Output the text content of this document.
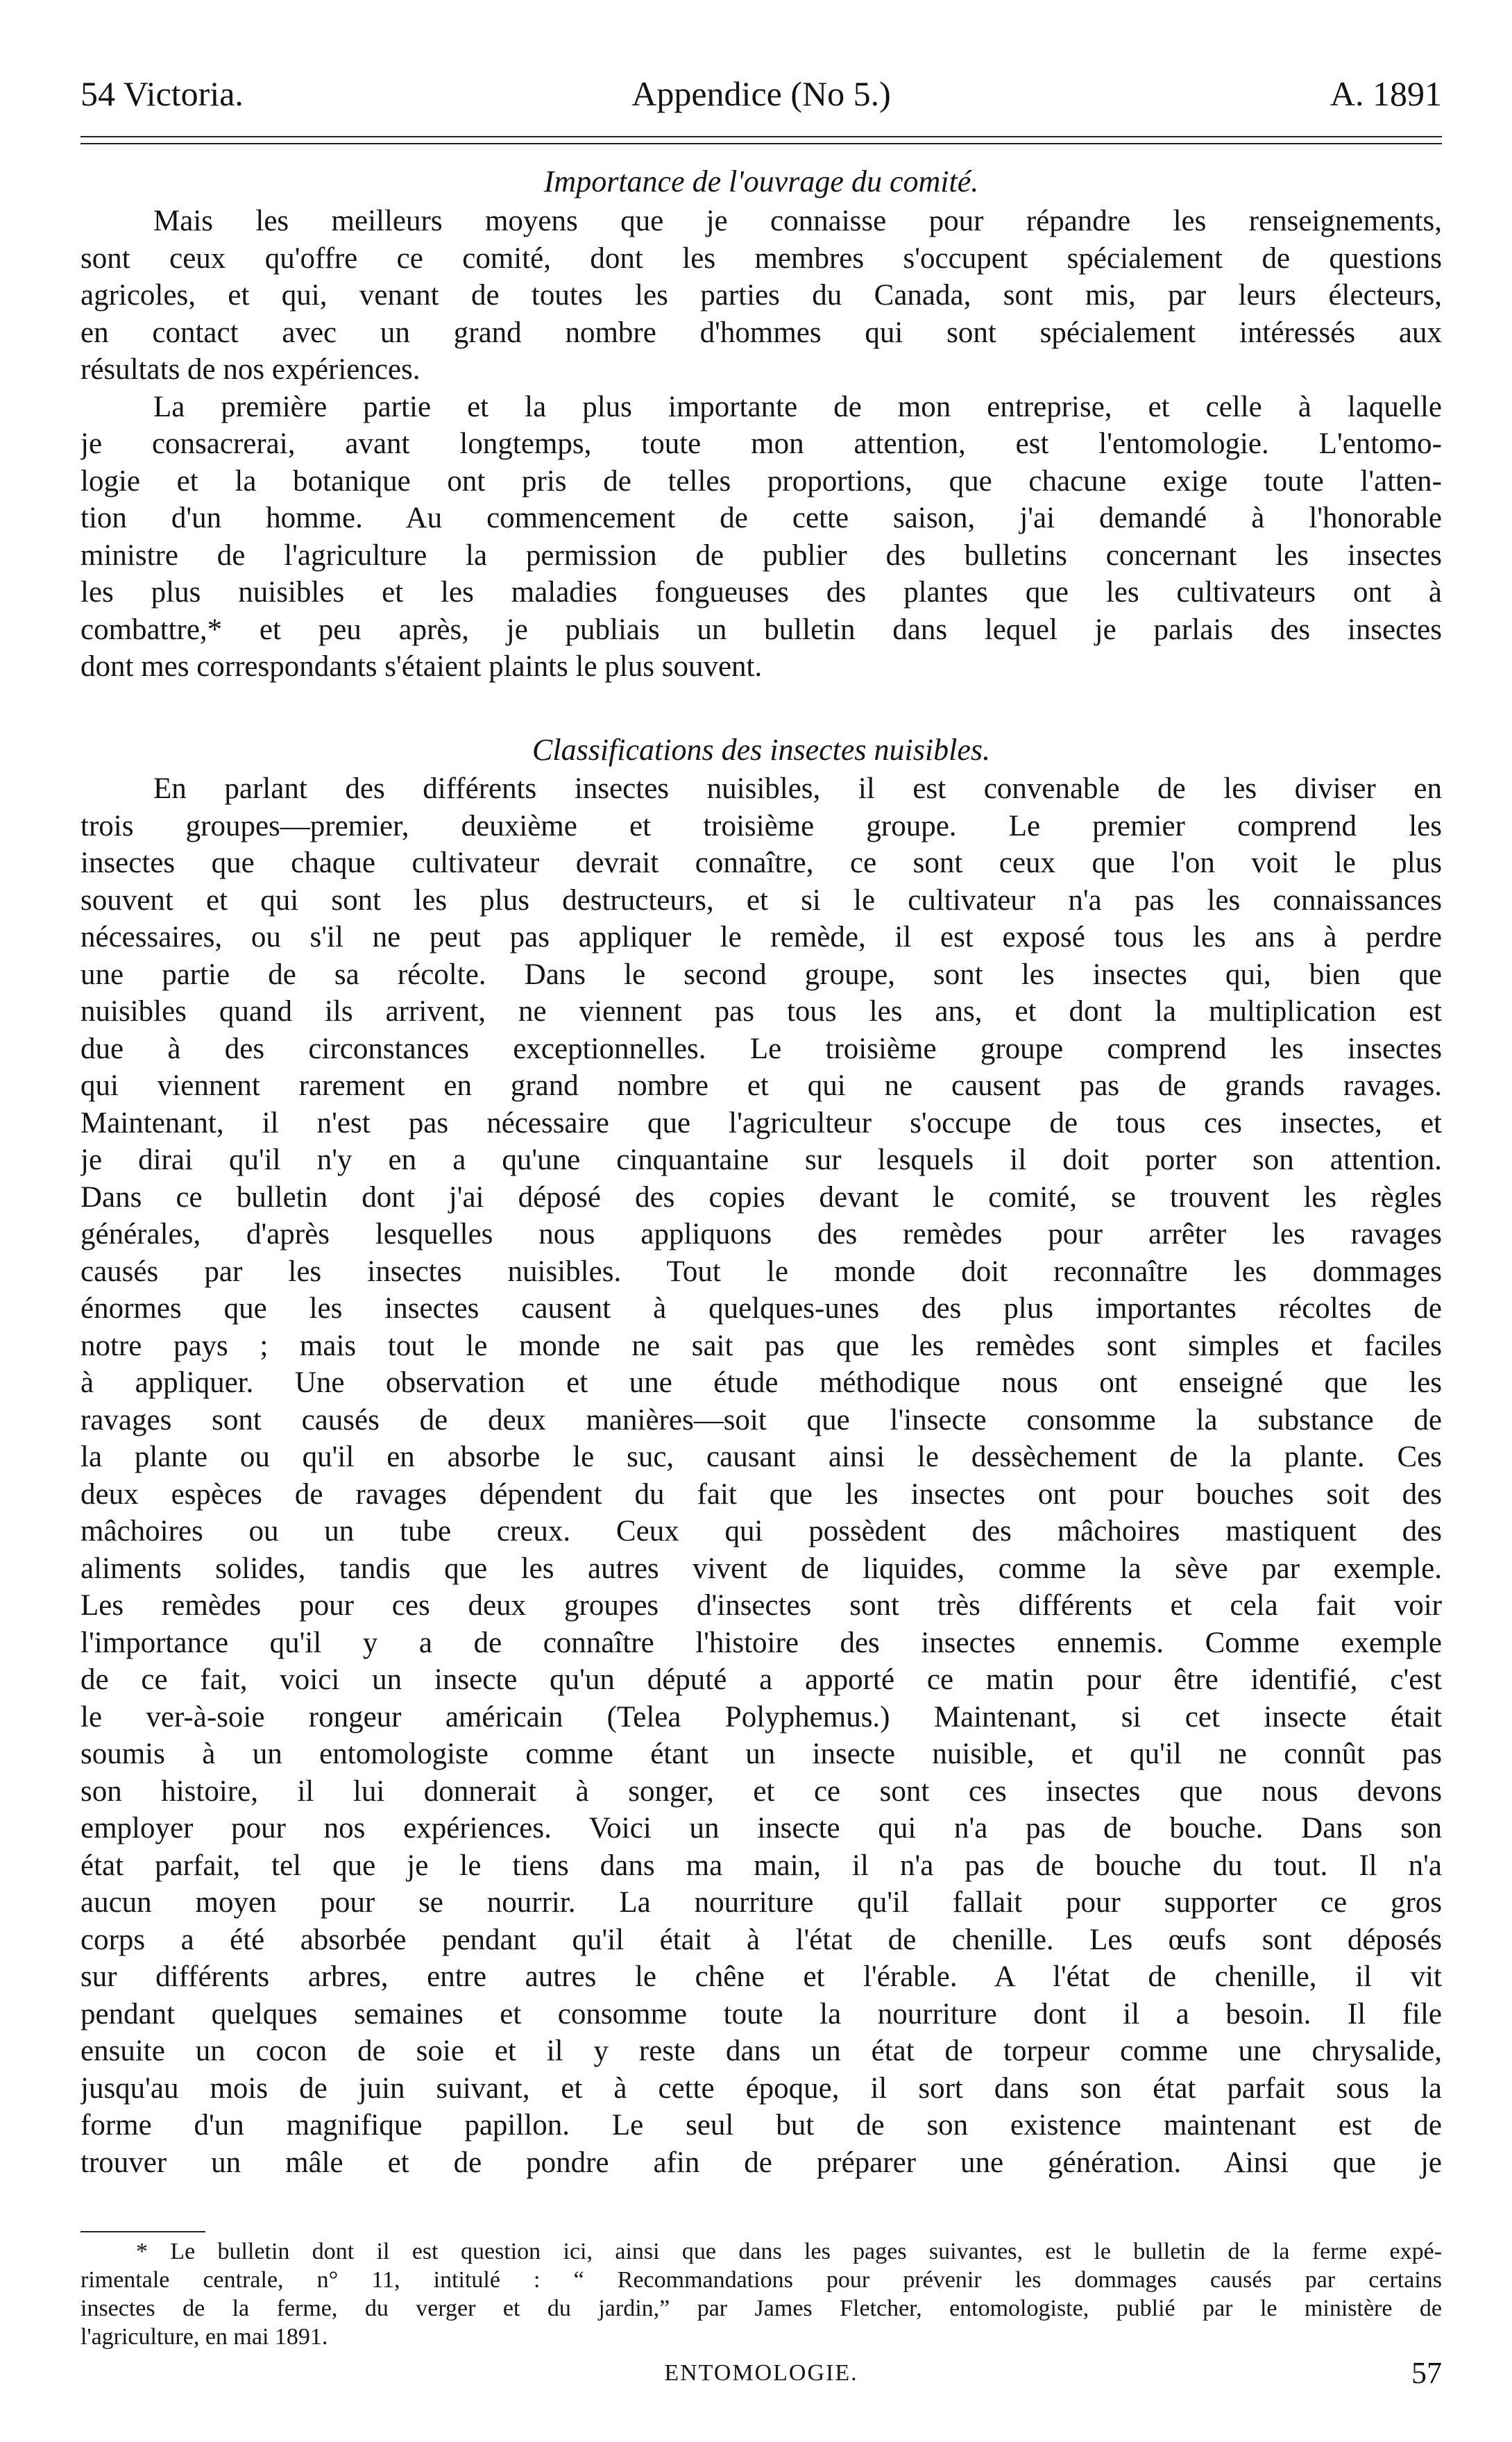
54 Victoria.	Appendice (No 5.)	A. 1891
Importance de l'ouvrage du comité.
Mais les meilleurs moyens que je connaisse pour répandre les renseignements,
sont ceux qu'offre ce comité, dont les membres s'occupent spécialement de questions
agricoles, et qui, venant de toutes les parties du Canada, sont mis, par leurs électeurs,
en contact avec un grand nombre d'hommes qui sont spécialement intéressés aux
résultats de nos expériences.
La première partie et la plus importante de mon entreprise, et celle à laquelle
je consacrerai, avant longtemps, toute mon attention, est l'entomologie. L'entomo-
logie et la botanique ont pris de telles proportions, que chacune exige toute l'atten-
tion d'un homme. Au commencement de cette saison, j'ai demandé à l'honorable
ministre de l'agriculture la permission de publier des bulletins concernant les insectes
les plus nuisibles et les maladies fongueuses des plantes que les cultivateurs ont à
combattre,* et peu après, je publiais un bulletin dans lequel je parlais des insectes
dont mes correspondants s'étaient plaints le plus souvent.
Classifications des insectes nuisibles.
En parlant des différents insectes nuisibles, il est convenable de les diviser en
trois groupes—premier, deuxième et troisième groupe. Le premier comprend les
insectes que chaque cultivateur devrait connaître, ce sont ceux que l'on voit le plus
souvent et qui sont les plus destructeurs, et si le cultivateur n'a pas les connaissances
nécessaires, ou s'il ne peut pas appliquer le remède, il est exposé tous les ans à perdre
une partie de sa récolte. Dans le second groupe, sont les insectes qui, bien que
nuisibles quand ils arrivent, ne viennent pas tous les ans, et dont la multiplication est
due à des circonstances exceptionnelles. Le troisième groupe comprend les insectes
qui viennent rarement en grand nombre et qui ne causent pas de grands ravages.
Maintenant, il n'est pas nécessaire que l'agriculteur s'occupe de tous ces insectes, et
je dirai qu'il n'y en a qu'une cinquantaine sur lesquels il doit porter son attention.
Dans ce bulletin dont j'ai déposé des copies devant le comité, se trouvent les règles
générales, d'après lesquelles nous appliquons des remèdes pour arrêter les ravages
causés par les insectes nuisibles. Tout le monde doit reconnaître les dommages
énormes que les insectes causent à quelques-unes des plus importantes récoltes de
notre pays ; mais tout le monde ne sait pas que les remèdes sont simples et faciles
à appliquer. Une observation et une étude méthodique nous ont enseigné que les
ravages sont causés de deux manières—soit que l'insecte consomme la substance de
la plante ou qu'il en absorbe le suc, causant ainsi le dessèchement de la plante. Ces
deux espèces de ravages dépendent du fait que les insectes ont pour bouches soit des
mâchoires ou un tube creux. Ceux qui possèdent des mâchoires mastiquent des
aliments solides, tandis que les autres vivent de liquides, comme la sève par exemple.
Les remèdes pour ces deux groupes d'insectes sont très différents et cela fait voir
l'importance qu'il y a de connaître l'histoire des insectes ennemis. Comme exemple
de ce fait, voici un insecte qu'un député a apporté ce matin pour être identifié, c'est
le ver-à-soie rongeur américain (Telea Polyphemus.) Maintenant, si cet insecte était
soumis à un entomologiste comme étant un insecte nuisible, et qu'il ne connût pas
son histoire, il lui donnerait à songer, et ce sont ces insectes que nous devons
employer pour nos expériences. Voici un insecte qui n'a pas de bouche. Dans son
état parfait, tel que je le tiens dans ma main, il n'a pas de bouche du tout. Il n'a
aucun moyen pour se nourrir. La nourriture qu'il fallait pour supporter ce gros
corps a été absorbée pendant qu'il était à l'état de chenille. Les œufs sont déposés
sur différents arbres, entre autres le chêne et l'érable. A l'état de chenille, il vit
pendant quelques semaines et consomme toute la nourriture dont il a besoin. Il file
ensuite un cocon de soie et il y reste dans un état de torpeur comme une chrysalide,
jusqu'au mois de juin suivant, et à cette époque, il sort dans son état parfait sous la
forme d'un magnifique papillon. Le seul but de son existence maintenant est de
trouver un mâle et de pondre afin de préparer une génération. Ainsi que je
* Le bulletin dont il est question ici, ainsi que dans les pages suivantes, est le bulletin de la ferme expé-
rimentale centrale, n° 11, intitulé : “ Recommandations pour prévenir les dommages causés par certains
insectes de la ferme, du verger et du jardin,” par James Fletcher, entomologiste, publié par le ministère de
l'agriculture, en mai 1891.
ENTOMOLOGIE.	57
